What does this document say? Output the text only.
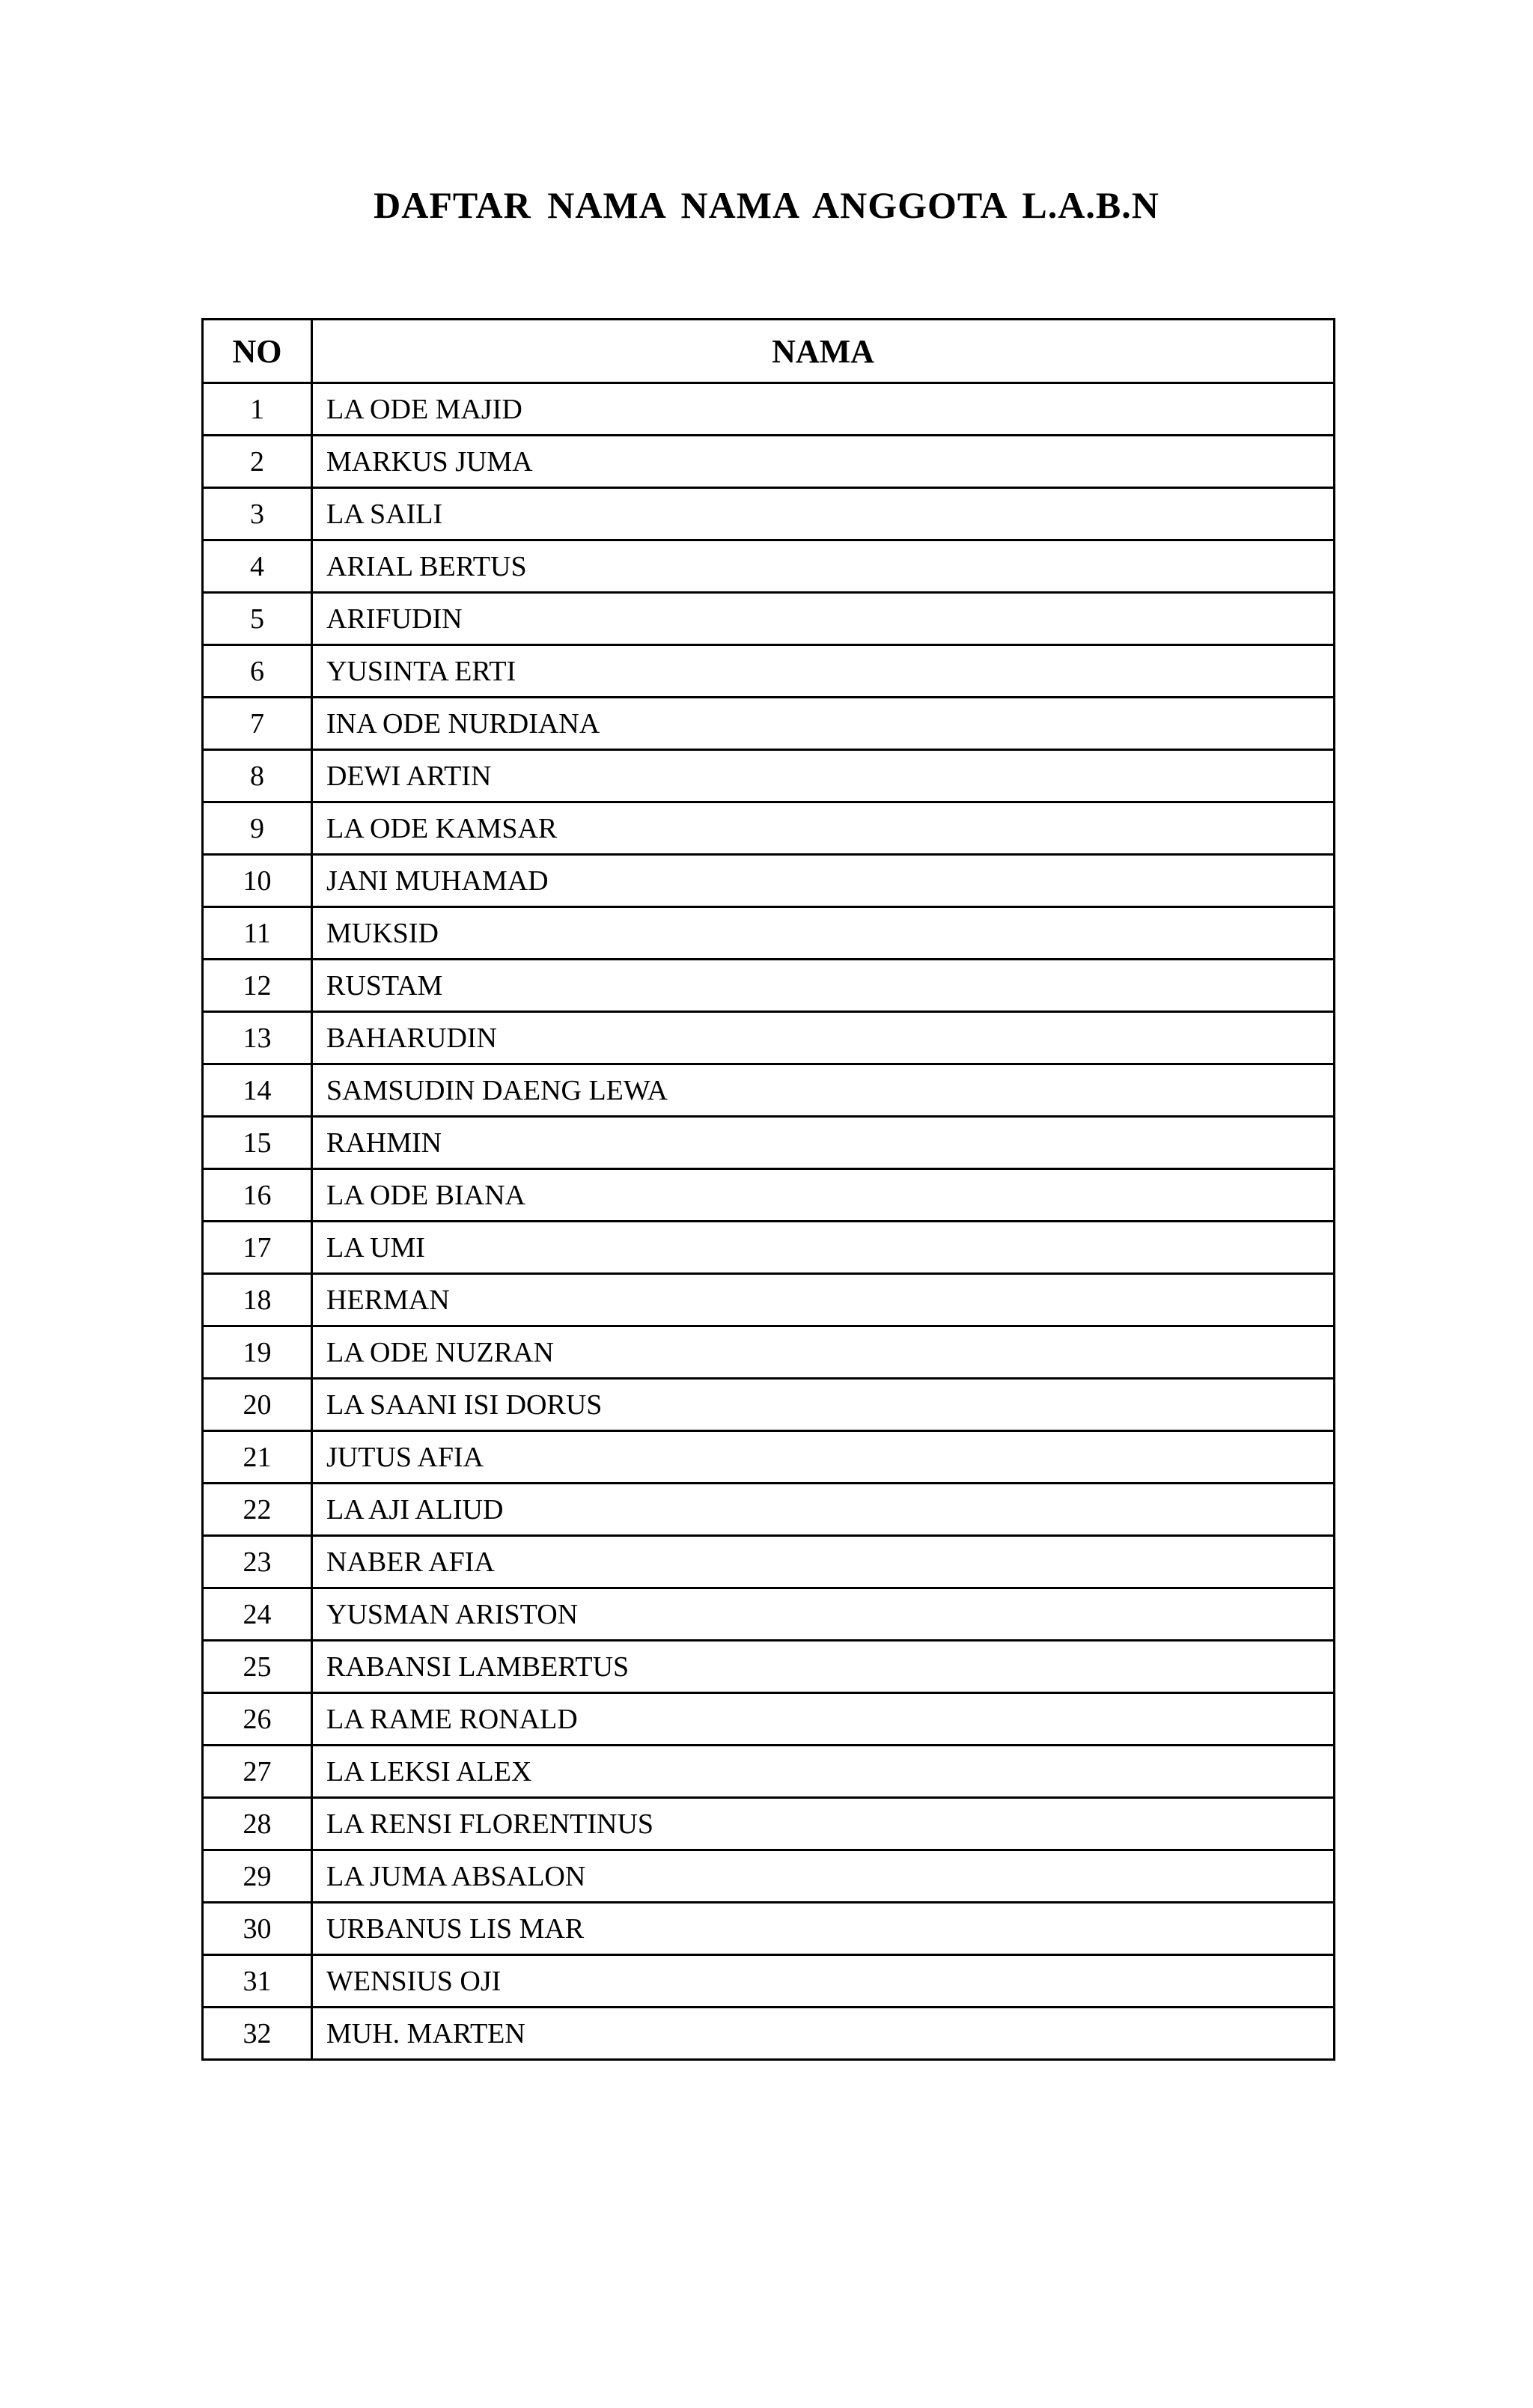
DAFTAR NAMA NAMA ANGGOTA L.A.B.N
NO	NAMA
1	LA ODE MAJID
2	MARKUS JUMA
3	LA SAILI
4	ARIAL BERTUS
5	ARIFUDIN
6	YUSINTA ERTI
7	INA ODE NURDIANA
8	DEWI ARTIN
9	LA ODE KAMSAR
10	JANI MUHAMAD
11	MUKSID
12	RUSTAM
13	BAHARUDIN
14	SAMSUDIN DAENG LEWA
15	RAHMIN
16	LA ODE BIANA
17	LA UMI
18	HERMAN
19	LA ODE NUZRAN
20	LA SAANI ISI DORUS
21	JUTUS AFIA
22	LA AJI ALIUD
23	NABER AFIA
24	YUSMAN ARISTON
25	RABANSI LAMBERTUS
26	LA RAME RONALD
27	LA LEKSI ALEX
28	LA RENSI FLORENTINUS
29	LA JUMA ABSALON
30	URBANUS LIS MAR
31	WENSIUS OJI
32	MUH. MARTEN
